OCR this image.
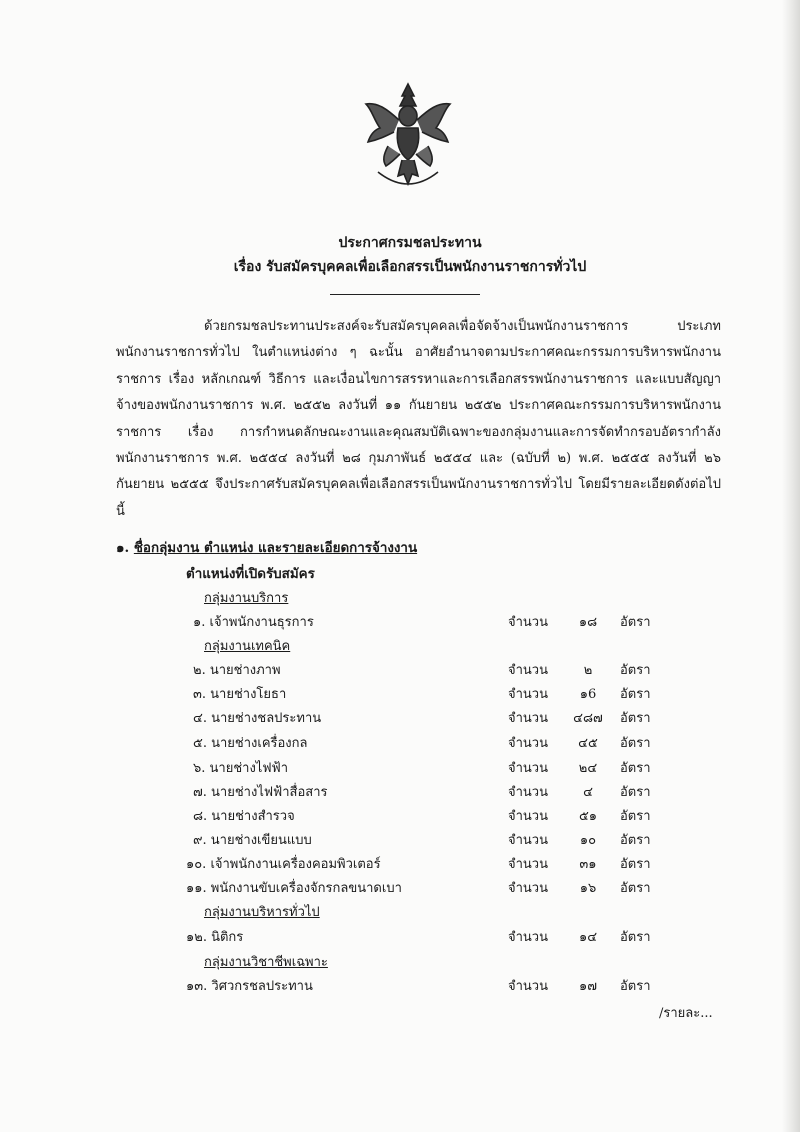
ประกาศกรมชลประทาน
เรื่อง รับสมัครบุคคลเพื่อเลือกสรรเป็นพนักงานราชการทั่วไป
ด้วยกรมชลประทานประสงค์จะรับสมัครบุคคลเพื่อจัดจ้างเป็นพนักงานราชการ ประเภทพนักงานราชการทั่วไป ในตำแหน่งต่าง ๆ ฉะนั้น อาศัยอำนาจตามประกาศคณะกรรมการบริหารพนักงานราชการ เรื่อง หลักเกณฑ์ วิธีการ และเงื่อนไขการสรรหาและการเลือกสรรพนักงานราชการ และแบบสัญญาจ้างของพนักงานราชการ พ.ศ. ๒๕๕๒ ลงวันที่ ๑๑ กันยายน ๒๕๕๒ ประกาศคณะกรรมการบริหารพนักงานราชการ เรื่อง การกำหนดลักษณะงานและคุณสมบัติเฉพาะของกลุ่มงานและการจัดทำกรอบอัตรากำลังพนักงานราชการ พ.ศ. ๒๕๕๔ ลงวันที่ ๒๘ กุมภาพันธ์ ๒๕๕๔ และ (ฉบับที่ ๒) พ.ศ. ๒๕๕๕ ลงวันที่ ๒๖ กันยายน ๒๕๕๕ จึงประกาศรับสมัครบุคคลเพื่อเลือกสรรเป็นพนักงานราชการทั่วไป โดยมีรายละเอียดดังต่อไปนี้
๑. ชื่อกลุ่มงาน ตำแหน่ง และรายละเอียดการจ้างงาน
ตำแหน่งที่เปิดรับสมัคร
กลุ่มงานบริการ
๑. เจ้าพนักงานธุรการ	จำนวน	๑๘	อัตรา
กลุ่มงานเทคนิค
๒. นายช่างภาพ	จำนวน	๒	อัตรา
๓. นายช่างโยธา	จำนวน	๑6	อัตรา
๔. นายช่างชลประทาน	จำนวน	๔๘๗	อัตรา
๕. นายช่างเครื่องกล	จำนวน	๔๕	อัตรา
๖. นายช่างไฟฟ้า	จำนวน	๒๔	อัตรา
๗. นายช่างไฟฟ้าสื่อสาร	จำนวน	๔	อัตรา
๘. นายช่างสำรวจ	จำนวน	๕๑	อัตรา
๙. นายช่างเขียนแบบ	จำนวน	๑๐	อัตรา
๑๐. เจ้าพนักงานเครื่องคอมพิวเตอร์	จำนวน	๓๑	อัตรา
๑๑. พนักงานขับเครื่องจักรกลขนาดเบา	จำนวน	๑๖	อัตรา
กลุ่มงานบริหารทั่วไป
๑๒. นิติกร	จำนวน	๑๔	อัตรา
กลุ่มงานวิชาชีพเฉพาะ
๑๓. วิศวกรชลประทาน	จำนวน	๑๗	อัตรา
/รายละ...
